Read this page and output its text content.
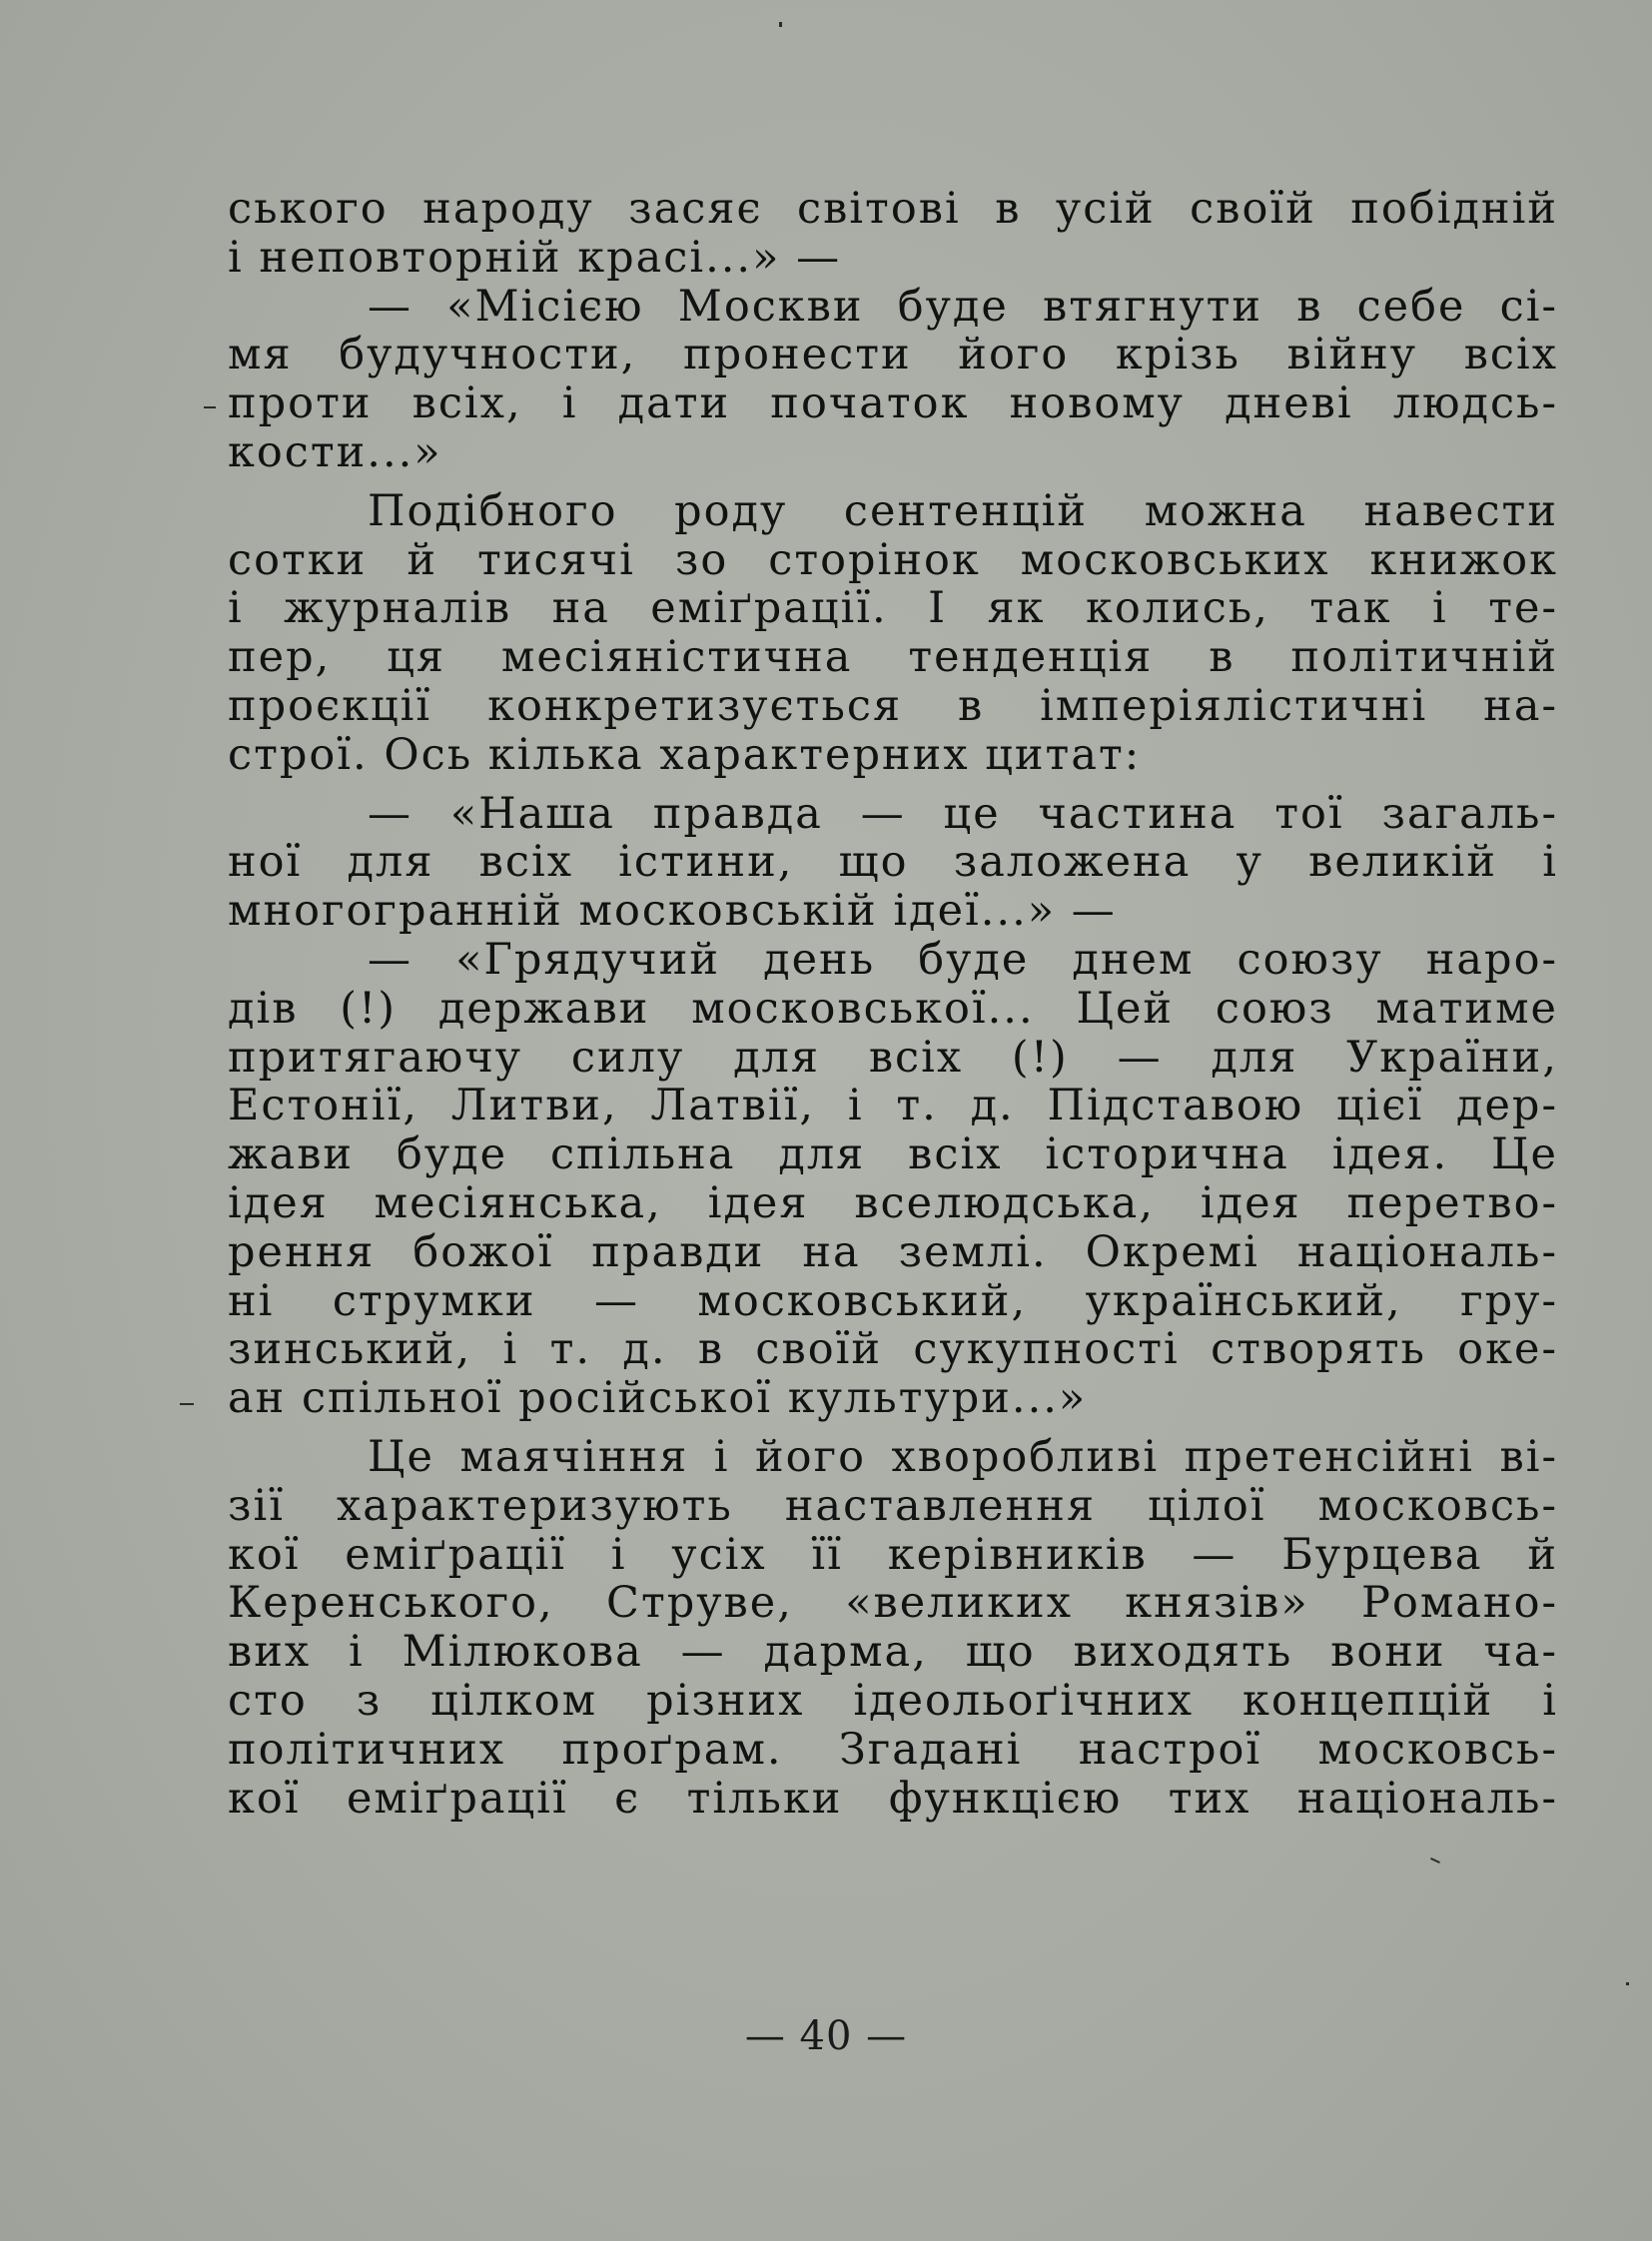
ського народу засяє світові в усій своїй побідній
і неповторній красі...» —
— «Місією Москви буде втягнути в себе сі-
мя будучности, пронести його крізь війну всіх
проти всіх, і дати початок новому дневі людсь-
кости...»
Подібного роду сентенцій можна навести
сотки й тисячі зо сторінок московських книжок
і журналів на еміґрації. І як колись, так і те-
пер, ця месіяністична тенденція в політичній
проєкції конкретизується в імперіялістичні на-
строї. Ось кілька характерних цитат:
— «Наша правда — це частина тої загаль-
ної для всіх істини, що заложена у великій і
многогранній московській ідеї...» —
— «Грядучий день буде днем союзу наро-
дів (!) держави московської... Цей союз матиме
притягаючу силу для всіх (!) — для України,
Естонії, Литви, Латвії, і т. д. Підставою цієї дер-
жави буде спільна для всіх історична ідея. Це
ідея месіянська, ідея вселюдська, ідея перетво-
рення божої правди на землі. Окремі національ-
ні струмки — московський, український, гру-
зинський, і т. д. в своїй сукупності створять оке-
ан спільної російської культури...»
Це маячіння і його хворобливі претенсійні ві-
зії характеризують наставлення цілої московсь-
кої еміґрації і усіх її керівників — Бурцева й
Керенського, Струве, «великих князів» Романо-
вих і Мілюкова — дарма, що виходять вони ча-
сто з цілком різних ідеольоґічних концепцій і
політичних проґрам. Згадані настрої московсь-
кої еміґрації є тільки функцією тих національ-
— 40 —
